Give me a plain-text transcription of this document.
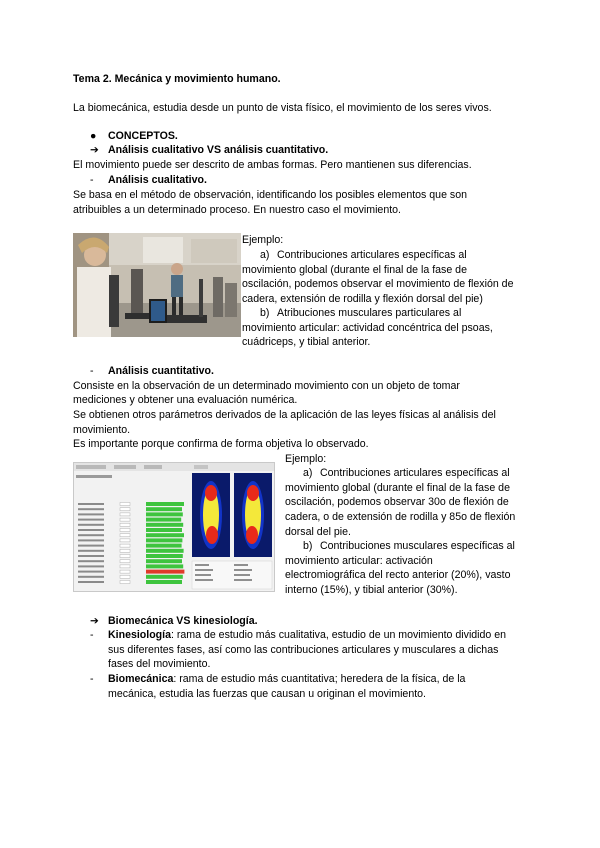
Tema 2. Mecánica y movimiento humano.
La biomecánica, estudia desde un punto de vista físico, el movimiento de los seres vivos.
● CONCEPTOS.
➔ Análisis cualitativo VS análisis cuantitativo.
El movimiento puede ser descrito de ambas formas. Pero mantienen sus diferencias.
- Análisis cualitativo.
Se basa en el método de observación, identificando los posibles elementos que son
atribuibles a un determinado proceso. En nuestro caso el movimiento.
Ejemplo:
a) Contribuciones articulares específicas al
movimiento global (durante el final de la fase de
oscilación, podemos observar el movimiento de flexión de
cadera, extensión de rodilla y flexión dorsal del pie)
b) Atribuciones musculares particulares al
movimiento articular: actividad concéntrica del psoas,
cuádriceps, y tibial anterior.
- Análisis cuantitativo.
Consiste en la observación de un determinado movimiento con un objeto de tomar
mediciones y obtener una evaluación numérica.
Se obtienen otros parámetros derivados de la aplicación de las leyes físicas al análisis del
movimiento.
Es importante porque confirma de forma objetiva lo observado.
Ejemplo:
a) Contribuciones articulares específicas al
movimiento global (durante el final de la fase de
oscilación, podemos observar 30o de flexión de
cadera, o de extensión de rodilla y 85o de flexión
dorsal del pie.
b) Contribuciones musculares específicas al
movimiento articular: activación
electromiográfica del recto anterior (20%), vasto
interno (15%), y tibial anterior (30%).
➔ Biomecánica VS kinesiología.
- Kinesiología: rama de estudio más cualitativa, estudio de un movimiento dividido en
sus diferentes fases, así como las contribuciones articulares y musculares a dichas
fases del movimiento.
- Biomecánica: rama de estudio más cuantitativa; heredera de la física, de la
mecánica, estudia las fuerzas que causan u originan el movimiento.
